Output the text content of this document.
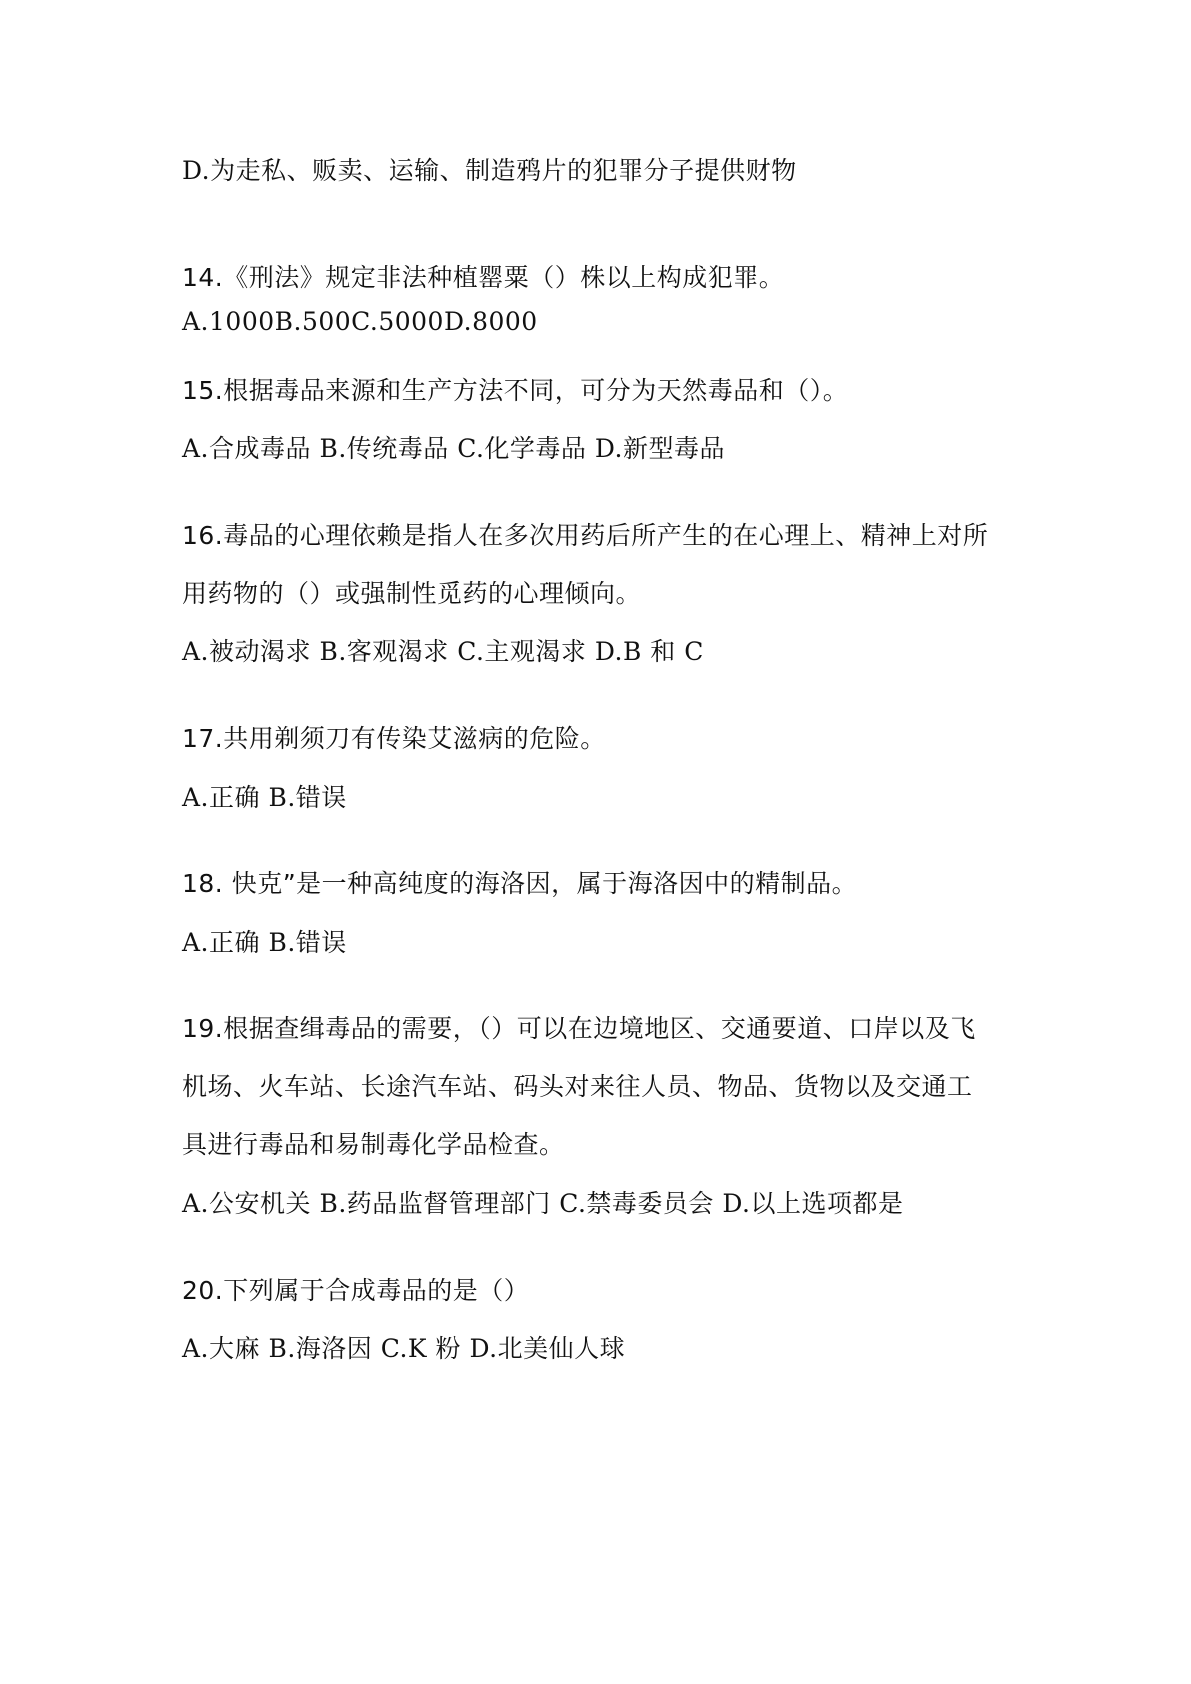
D.为走私、贩卖、运输、制造鸦片的犯罪分子提供财物
14.《刑法》规定非法种植罂粟（）株以上构成犯罪。
A.1000B.500C.5000D.8000
15.根据毒品来源和生产方法不同，可分为天然毒品和（）。
A.合成毒品 B.传统毒品 C.化学毒品 D.新型毒品
16.毒品的心理依赖是指人在多次用药后所产生的在心理上、精神上对所
用药物的（）或强制性觅药的心理倾向。
A.被动渴求 B.客观渴求 C.主观渴求 D.B 和 C
17.共用剃须刀有传染艾滋病的危险。
A.正确 B.错误
18. 快克”是一种高纯度的海洛因，属于海洛因中的精制品。
A.正确 B.错误
19.根据查缉毒品的需要，（）可以在边境地区、交通要道、口岸以及飞
机场、火车站、长途汽车站、码头对来往人员、物品、货物以及交通工
具进行毒品和易制毒化学品检查。
A.公安机关 B.药品监督管理部门 C.禁毒委员会 D.以上选项都是
20.下列属于合成毒品的是（）
A.大麻 B.海洛因 C.K 粉 D.北美仙人球
